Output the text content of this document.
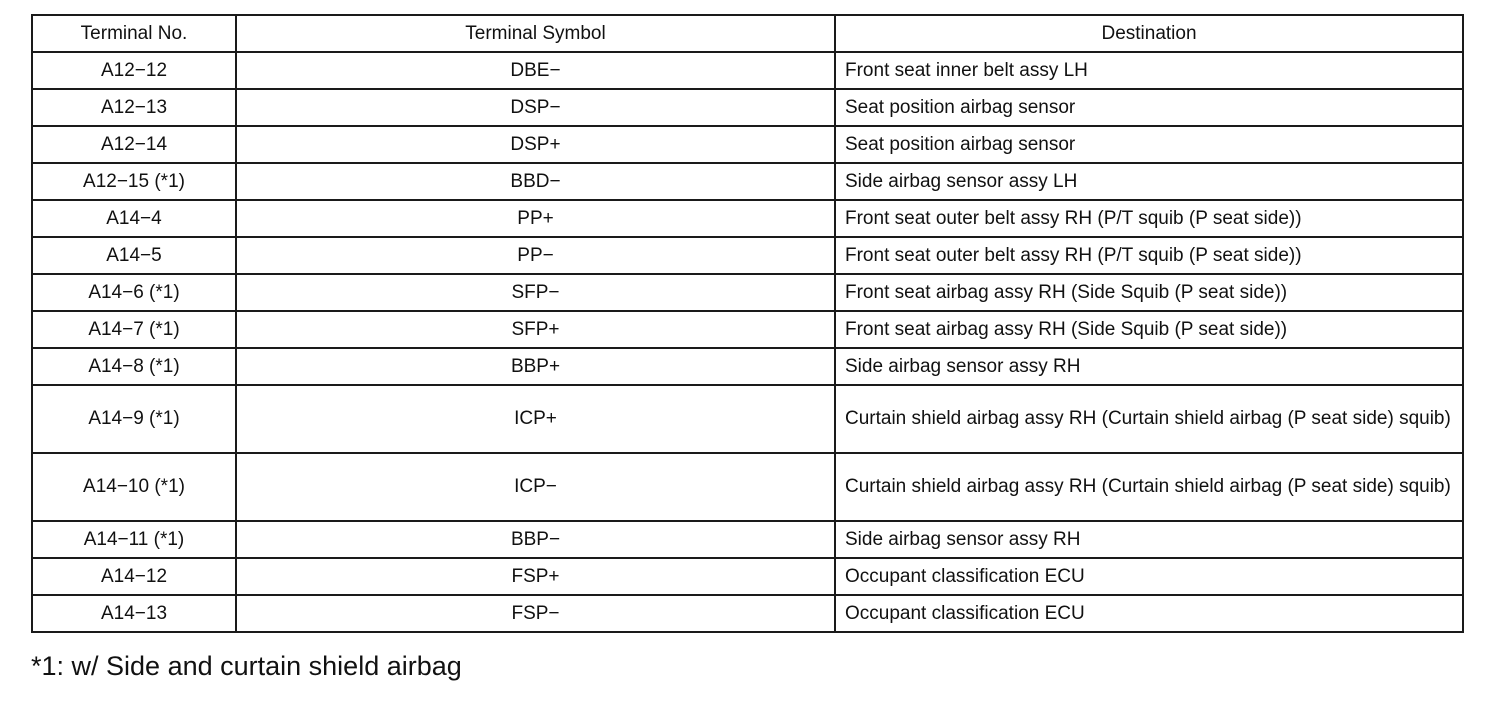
Terminal No.	Terminal Symbol	Destination
A12−12	DBE−	Front seat inner belt assy LH
A12−13	DSP−	Seat position airbag sensor
A12−14	DSP+	Seat position airbag sensor
A12−15 (*1)	BBD−	Side airbag sensor assy LH
A14−4	PP+	Front seat outer belt assy RH (P/T squib (P seat side))
A14−5	PP−	Front seat outer belt assy RH (P/T squib (P seat side))
A14−6 (*1)	SFP−	Front seat airbag assy RH (Side Squib (P seat side))
A14−7 (*1)	SFP+	Front seat airbag assy RH (Side Squib (P seat side))
A14−8 (*1)	BBP+	Side airbag sensor assy RH
A14−9 (*1)	ICP+	Curtain shield airbag assy RH (Curtain shield airbag (P seat side) squib)
A14−10 (*1)	ICP−	Curtain shield airbag assy RH (Curtain shield airbag (P seat side) squib)
A14−11 (*1)	BBP−	Side airbag sensor assy RH
A14−12	FSP+	Occupant classification ECU
A14−13	FSP−	Occupant classification ECU
*1: w/ Side and curtain shield airbag
